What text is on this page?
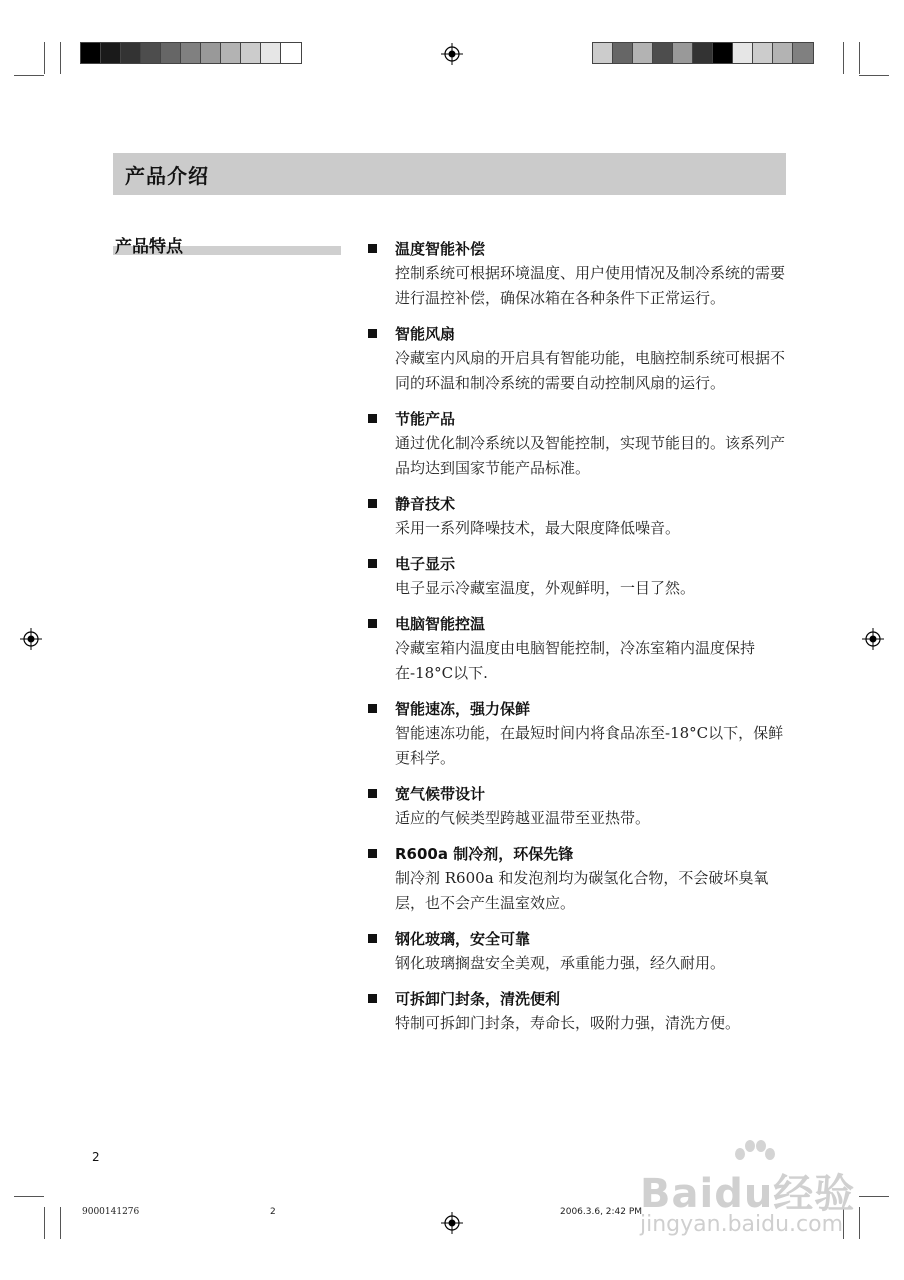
产品介绍
产品特点	温度智能补偿
控制系统可根据环境温度、用户使用情况及制冷系统的需要进行温控补偿，确保冰箱在各种条件下正常运行。
智能风扇
冷藏室内风扇的开启具有智能功能，电脑控制系统可根据不同的环温和制冷系统的需要自动控制风扇的运行。
节能产品
通过优化制冷系统以及智能控制，实现节能目的。该系列产品均达到国家节能产品标准。
静音技术
采用一系列降噪技术，最大限度降低噪音。
电子显示
电子显示冷藏室温度，外观鲜明，一目了然。
电脑智能控温
冷藏室箱内温度由电脑智能控制，冷冻室箱内温度保持在-18°C以下.
智能速冻，强力保鲜
智能速冻功能，在最短时间内将食品冻至-18°C以下，保鲜更科学。
宽气候带设计
适应的气候类型跨越亚温带至亚热带。
R600a 制冷剂，环保先锋
制冷剂 R600a 和发泡剂均为碳氢化合物，不会破坏臭氧层，也不会产生温室效应。
钢化玻璃，安全可靠
钢化玻璃搁盘安全美观，承重能力强，经久耐用。
可拆卸门封条，清洗便利
特制可拆卸门封条，寿命长，吸附力强，清洗方便。
2
9000141276	2	2006.3.6, 2:42 PM
Baidu经验
jingyan.baidu.com
